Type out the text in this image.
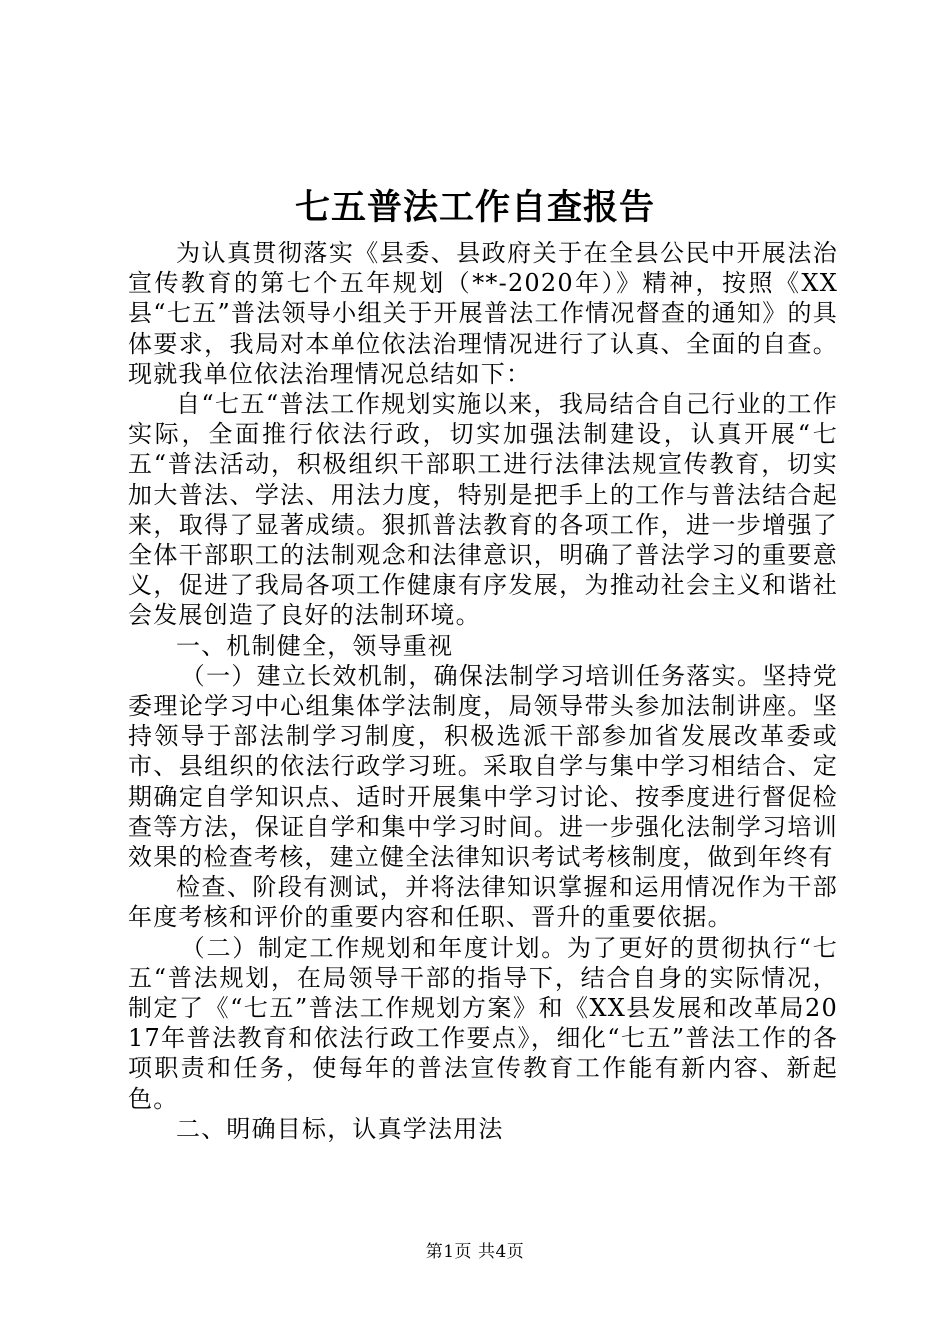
七五普法工作自查报告

为认真贯彻落实《县委、县政府关于在全县公民中开展法治宣传教育的第七个五年规划（**-2020年）》精神，按照《XX县“七五”普法领导小组关于开展普法工作情况督查的通知》的具体要求，我局对本单位依法治理情况进行了认真、全面的自查。现就我单位依法治理情况总结如下：

自“七五“普法工作规划实施以来，我局结合自己行业的工作实际，全面推行依法行政，切实加强法制建设，认真开展“七五“普法活动，积极组织干部职工进行法律法规宣传教育，切实加大普法、学法、用法力度，特别是把手上的工作与普法结合起来，取得了显著成绩。狠抓普法教育的各项工作，进一步增强了全体干部职工的法制观念和法律意识，明确了普法学习的重要意义，促进了我局各项工作健康有序发展，为推动社会主义和谐社会发展创造了良好的法制环境。

一、机制健全，领导重视

（一）建立长效机制，确保法制学习培训任务落实。坚持党委理论学习中心组集体学法制度，局领导带头参加法制讲座。坚持领导于部法制学习制度，积极选派干部参加省发展改革委或市、县组织的依法行政学习班。采取自学与集中学习相结合、定期确定自学知识点、适时开展集中学习讨论、按季度进行督促检查等方法，保证自学和集中学习时间。进一步强化法制学习培训效果的检查考核，建立健全法律知识考试考核制度，做到年终有

检查、阶段有测试，并将法律知识掌握和运用情况作为干部年度考核和评价的重要内容和任职、晋升的重要依据。

（二）制定工作规划和年度计划。为了更好的贯彻执行“七五“普法规划，在局领导干部的指导下，结合自身的实际情况，制定了《“七五”普法工作规划方案》和《XX县发展和改革局2017年普法教育和依法行政工作要点》，细化“七五”普法工作的各项职责和任务，使每年的普法宣传教育工作能有新内容、新起色。

二、明确目标，认真学法用法

第1页 共4页
